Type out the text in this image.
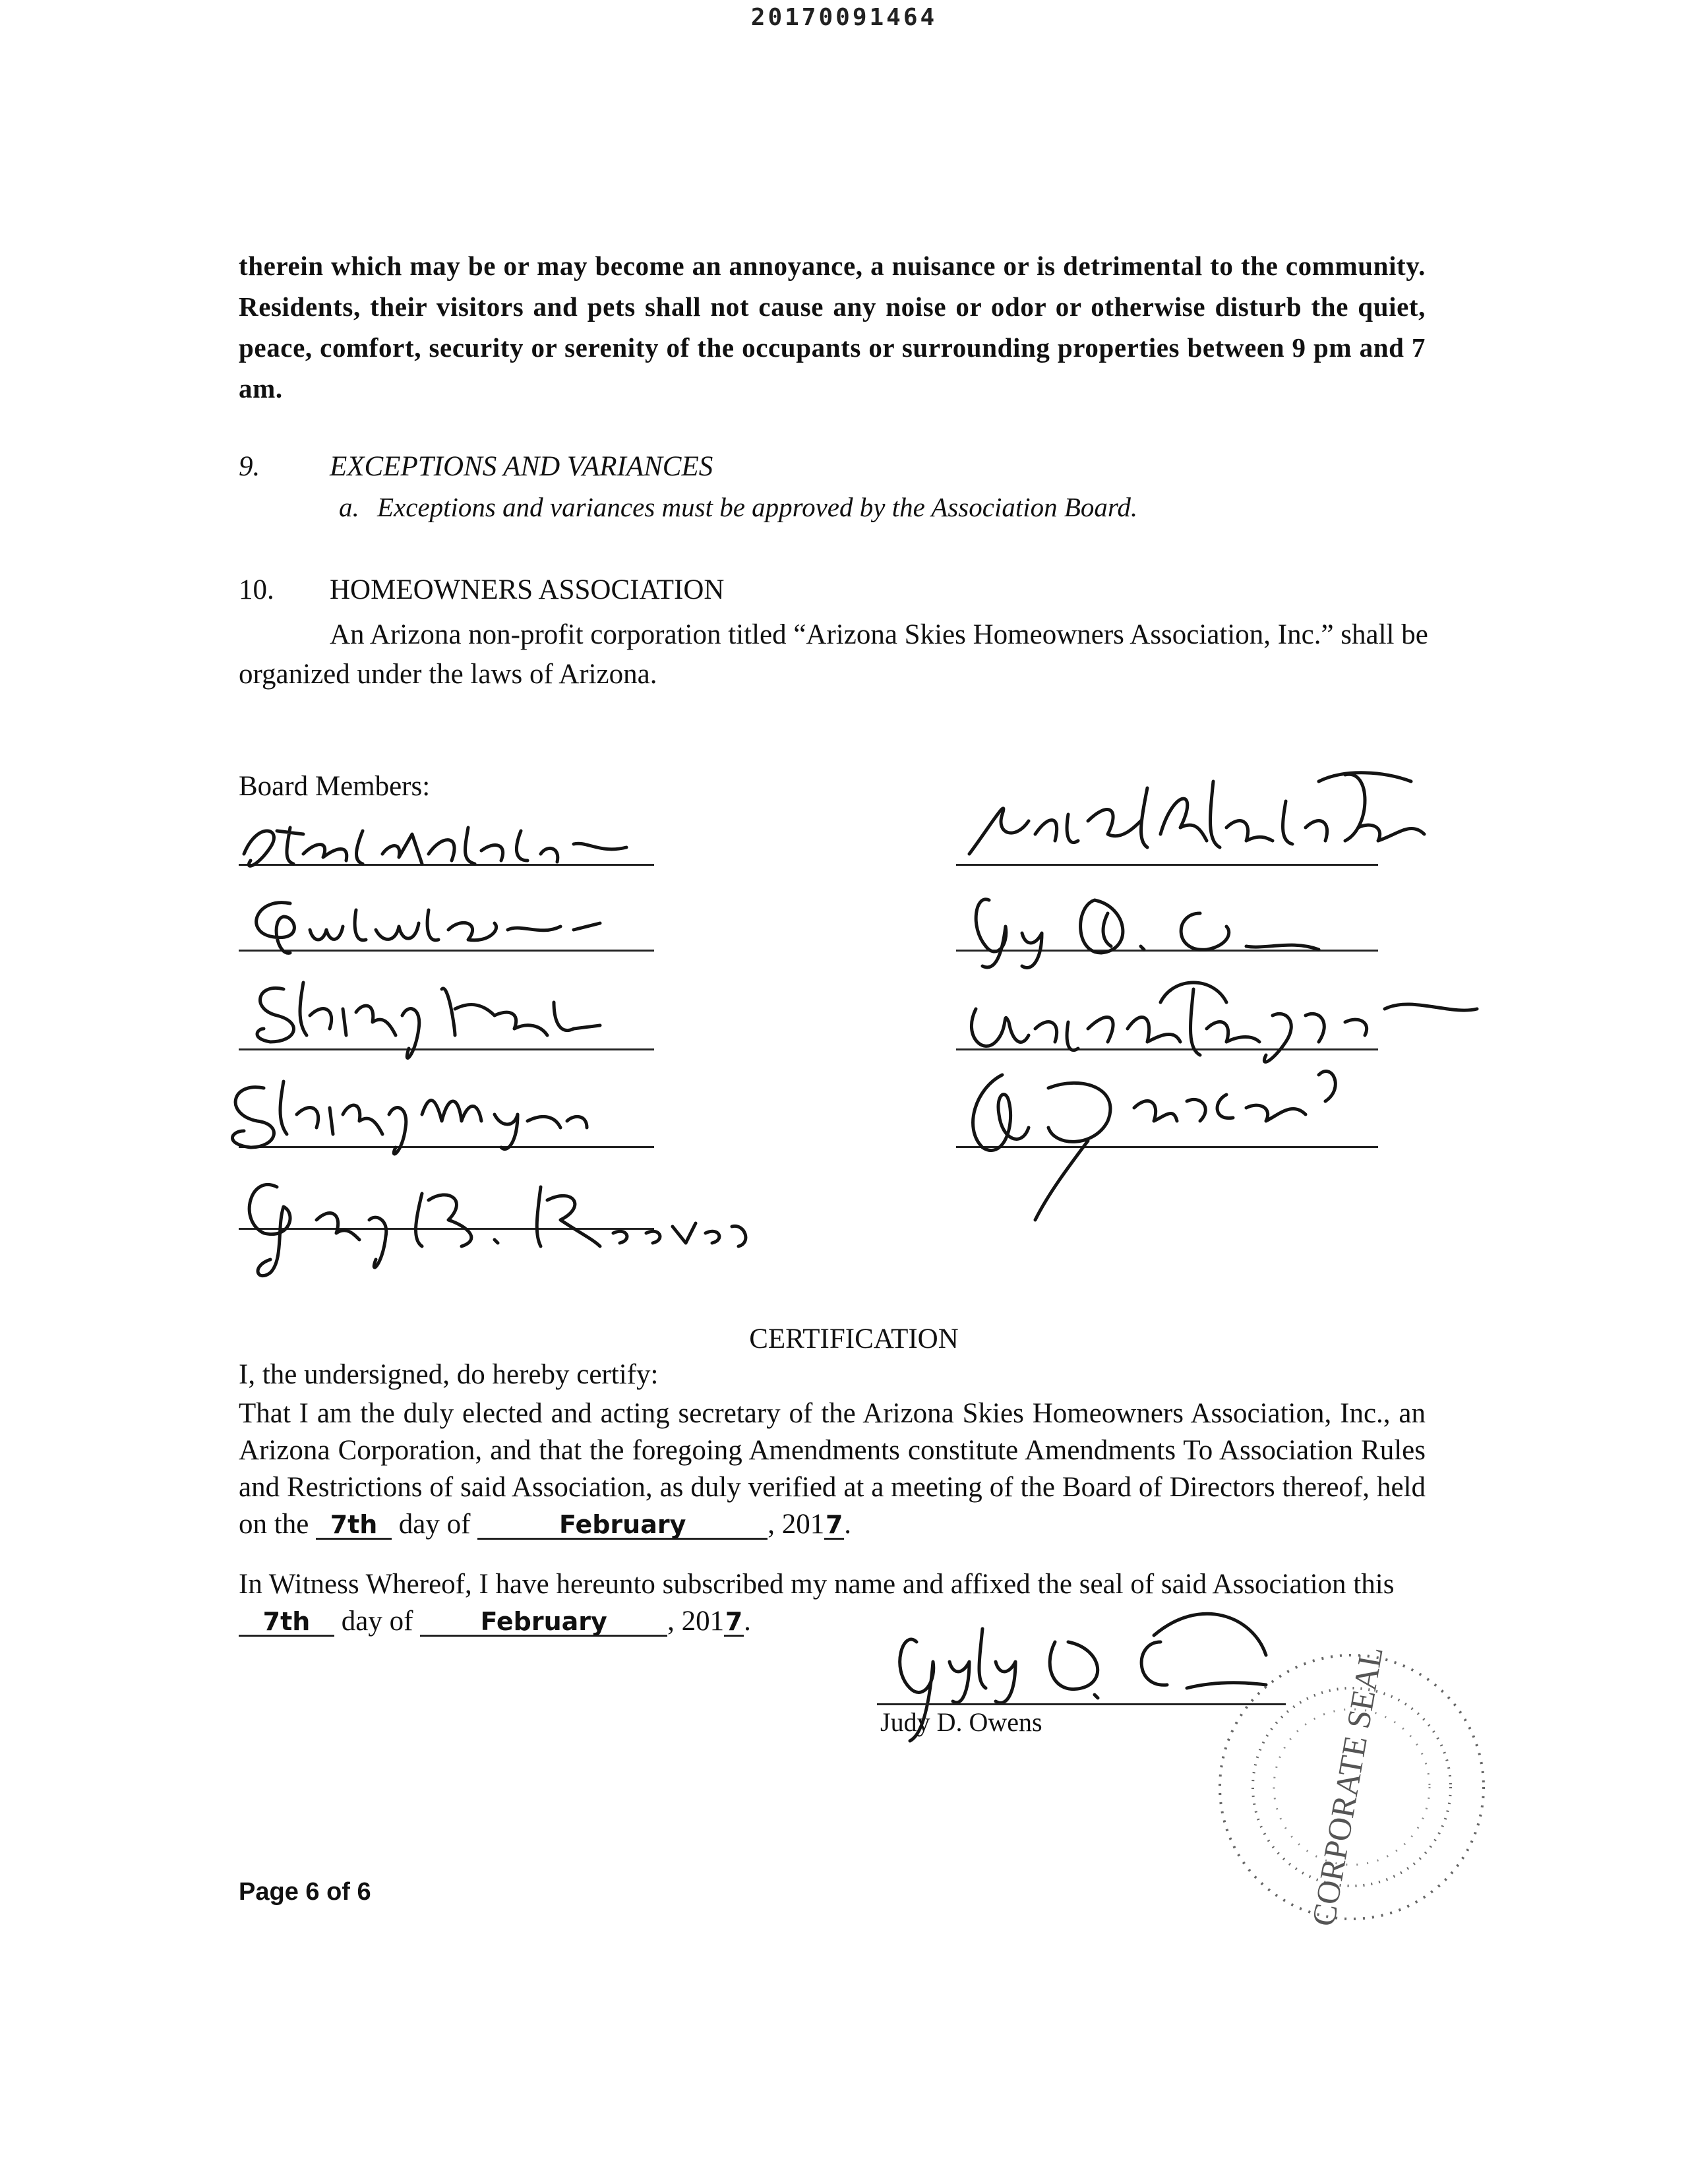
20170091464
therein which may be or may become an annoyance, a nuisance or is detrimental to the community. Residents, their visitors and pets shall not cause any noise or odor or otherwise disturb the quiet, peace, comfort, security or serenity of the occupants or surrounding properties between 9 pm and 7 am.
9. EXCEPTIONS AND VARIANCES
a. Exceptions and variances must be approved by the Association Board.
10. HOMEOWNERS ASSOCIATION
An Arizona non-profit corporation titled “Arizona Skies Homeowners Association, Inc.” shall be organized under the laws of Arizona.
Board Members:
CERTIFICATION
I, the undersigned, do hereby certify:
That I am the duly elected and acting secretary of the Arizona Skies Homeowners Association, Inc., an Arizona Corporation, and that the foregoing Amendments constitute Amendments To Association Rules and Restrictions of said Association, as duly verified at a meeting of the Board of Directors thereof, held on the 7th day of	February	, 2017.
In Witness Whereof, I have hereunto subscribed my name and affixed the seal of said Association this 7th day of	February , 2017.
Judy D. Owens	CORPORATE SEAL
Page 6 of 6
